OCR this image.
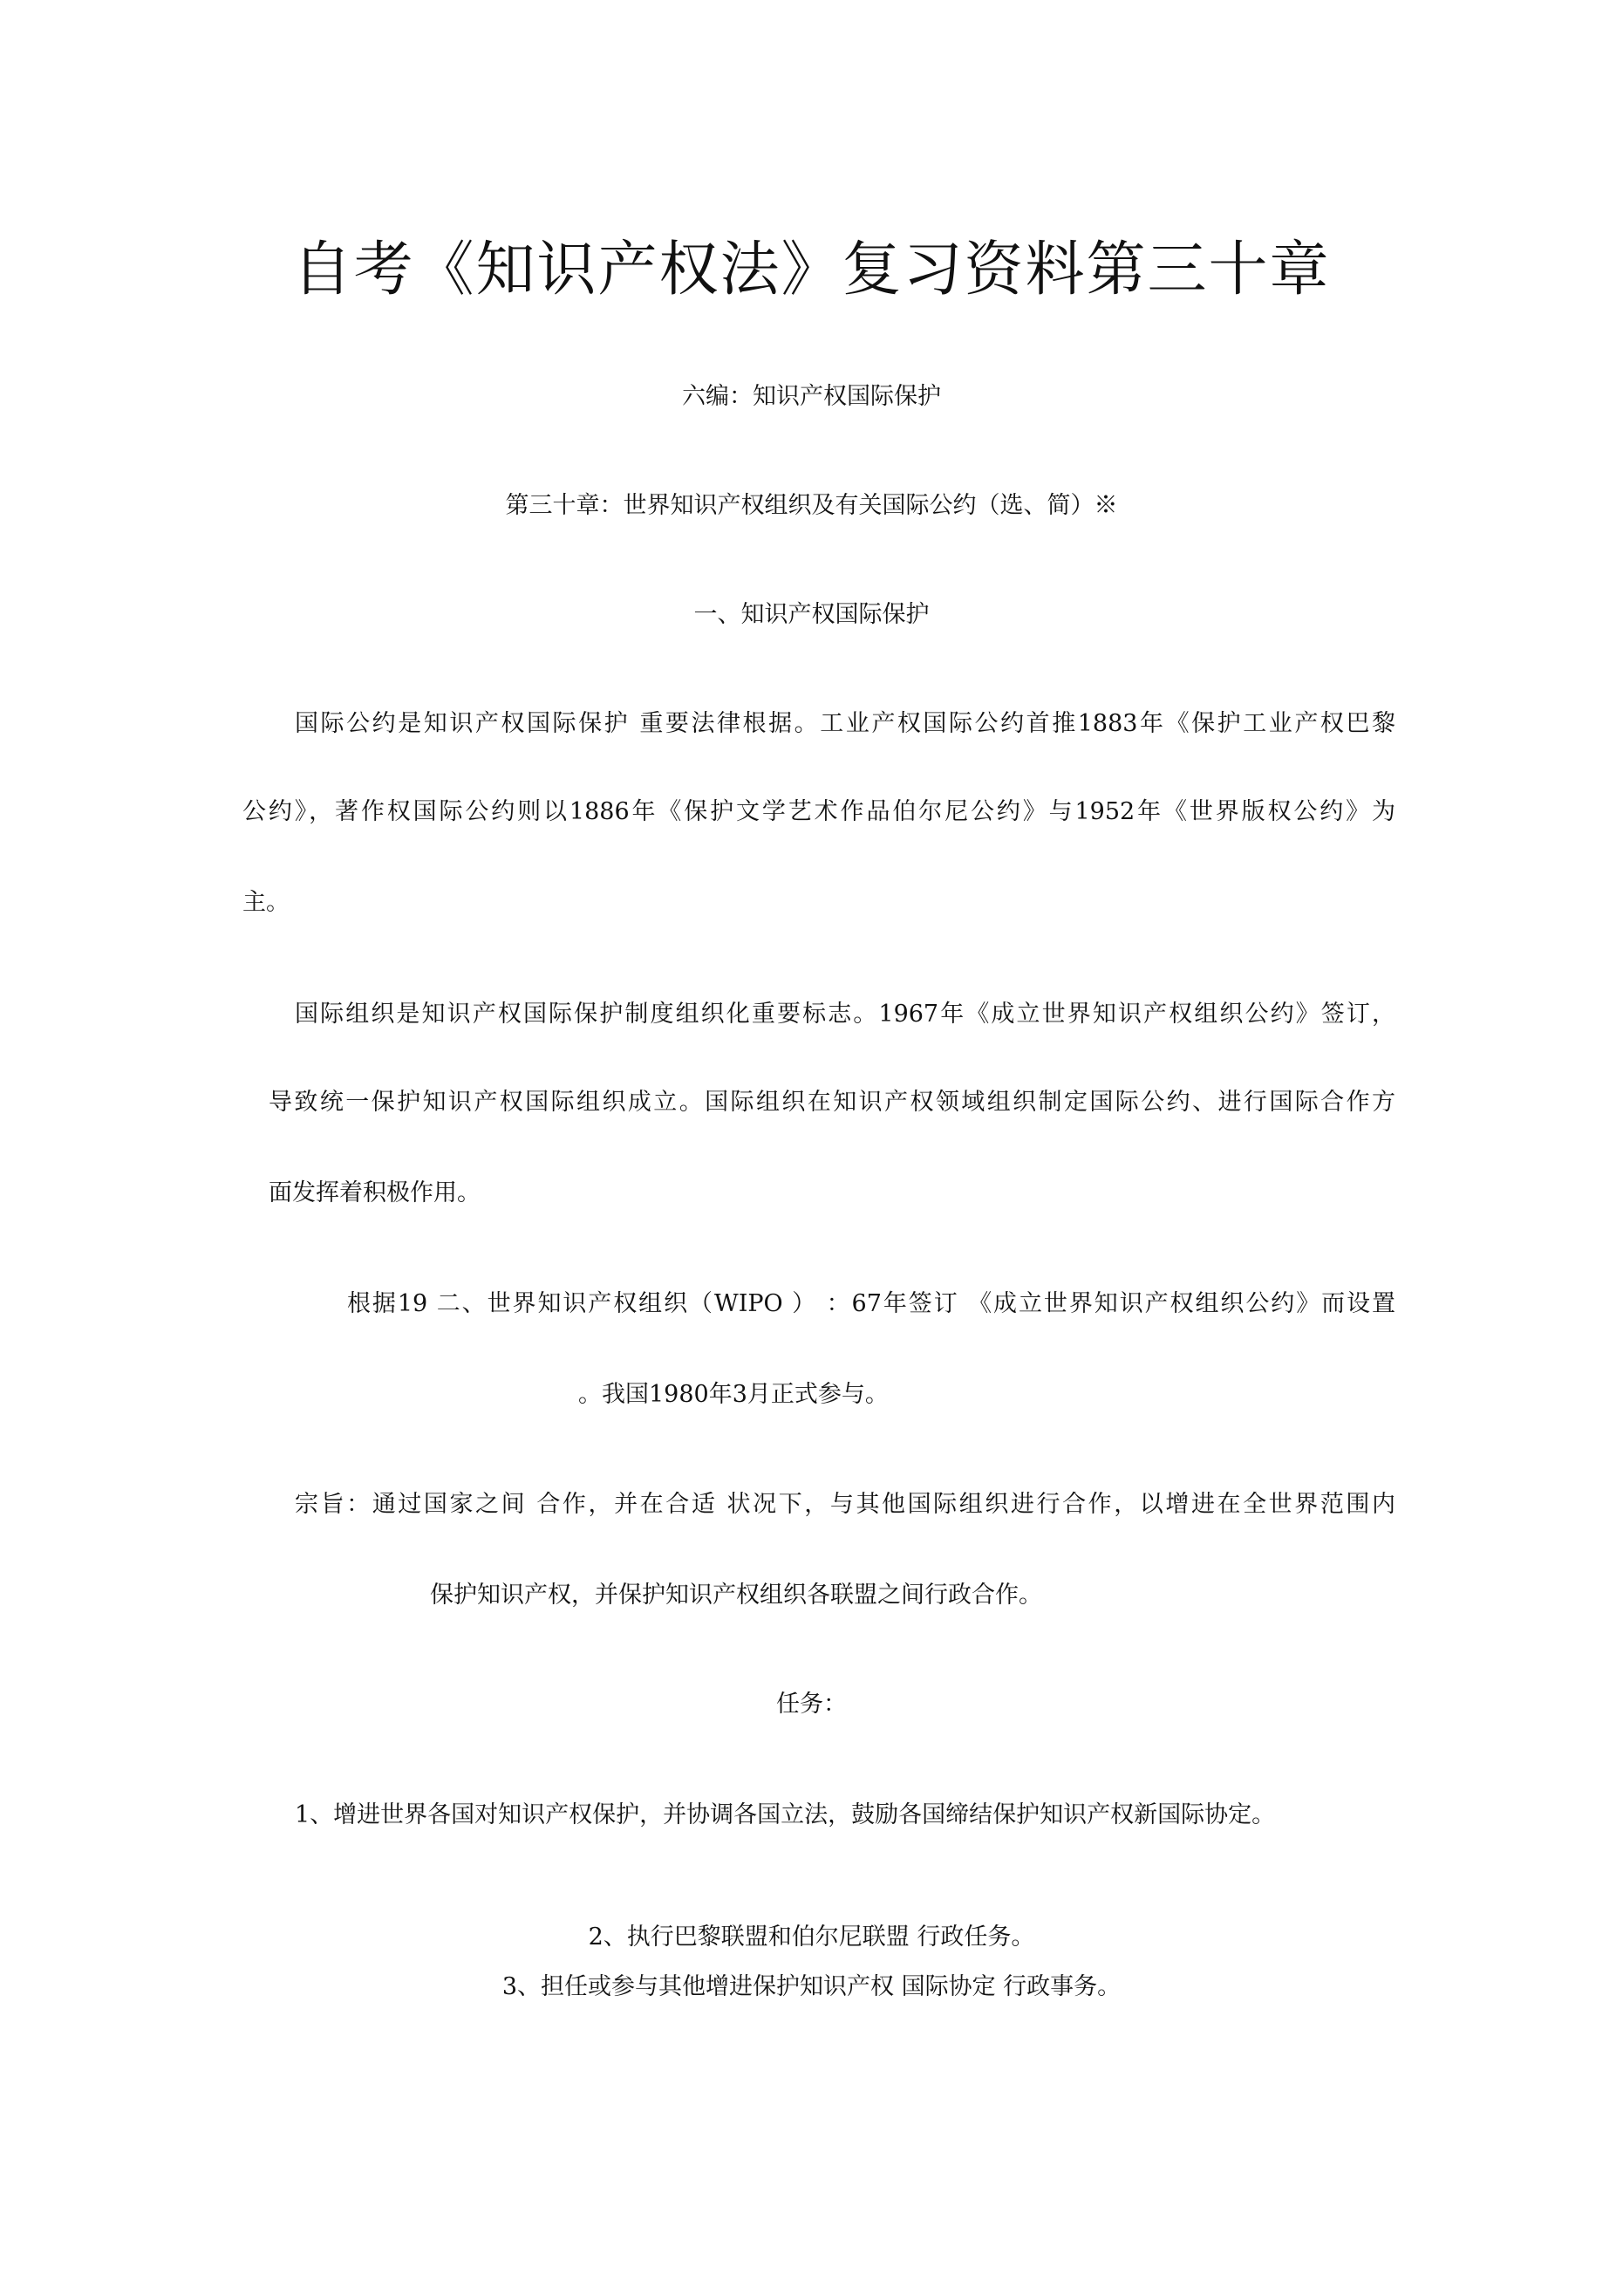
自考《知识产权法》复习资料第三十章

六编：知识产权国际保护

第三十章：世界知识产权组织及有关国际公约（选、简）※

一、知识产权国际保护

国际公约是知识产权国际保护 重要法律根据。工业产权国际公约首推1883年《保护工业产权巴黎

公约》，著作权国际公约则以1886年《保护文学艺术作品伯尔尼公约》与1952年《世界版权公约》为

主。

国际组织是知识产权国际保护制度组织化重要标志。1967年《成立世界知识产权组织公约》签订，

导致统一保护知识产权国际组织成立。国际组织在知识产权领域组织制定国际公约、进行国际合作方

面发挥着积极作用。

根据19 二、世界知识产权组织（WIPO ） ：67年签订 《成立世界知识产权组织公约》而设置

。我国1980年3月正式参与。

宗旨：通过国家之间 合作，并在合适 状况下，与其他国际组织进行合作，以增进在全世界范围内

保护知识产权，并保护知识产权组织各联盟之间行政合作。

任务：

1、增进世界各国对知识产权保护，并协调各国立法，鼓励各国缔结保护知识产权新国际协定。

2、执行巴黎联盟和伯尔尼联盟 行政任务。

3、担任或参与其他增进保护知识产权 国际协定 行政事务。
